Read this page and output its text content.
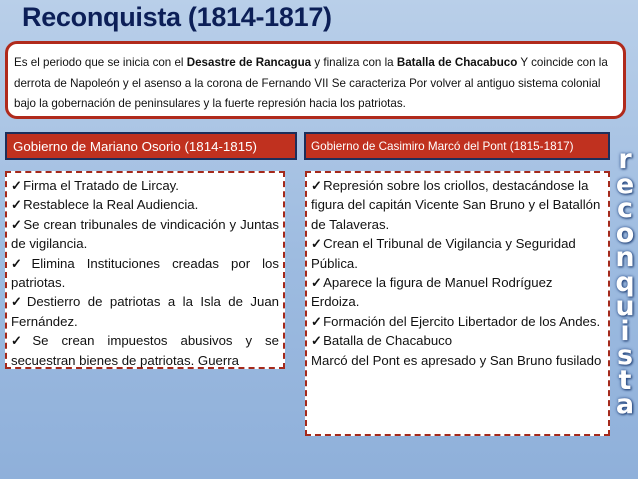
Reconquista (1814-1817)
Es el periodo que se inicia con el Desastre de Rancagua y finaliza con la Batalla de Chacabuco Y coincide con la derrota de Napoleón y el asenso a la corona de Fernando VII Se caracteriza Por volver al antiguo sistema colonial bajo la gobernación de peninsulares y la fuerte represión hacia los patriotas.
Gobierno de Mariano Osorio (1814-1815)	Gobierno de Casimiro Marcó del Pont (1815-1817)

✓ Firma el Tratado de Lircay.

✓ Restablece la Real Audiencia.

✓ Se crean tribunales de vindicación y Juntas de vigilancia.

✓ Elimina Instituciones creadas por los patriotas.

✓ Destierro de patriotas a la Isla de Juan Fernández.

✓ Se crean impuestos abusivos y se secuestran bienes de patriotas. Guerra

✓ Represión sobre los criollos, destacándose la figura del capitán Vicente San Bruno y el Batallón de Talaveras.

✓ Crean el Tribunal de Vigilancia y Seguridad Pública.

✓ Aparece la figura de Manuel Rodríguez Erdoiza.

✓ Formación del Ejercito Libertador de los Andes.

✓ Batalla de Chacabuco

Marcó del Pont es apresado y San Bruno fusilado

r
e
c
o
n
q
u
i
s
t
a
